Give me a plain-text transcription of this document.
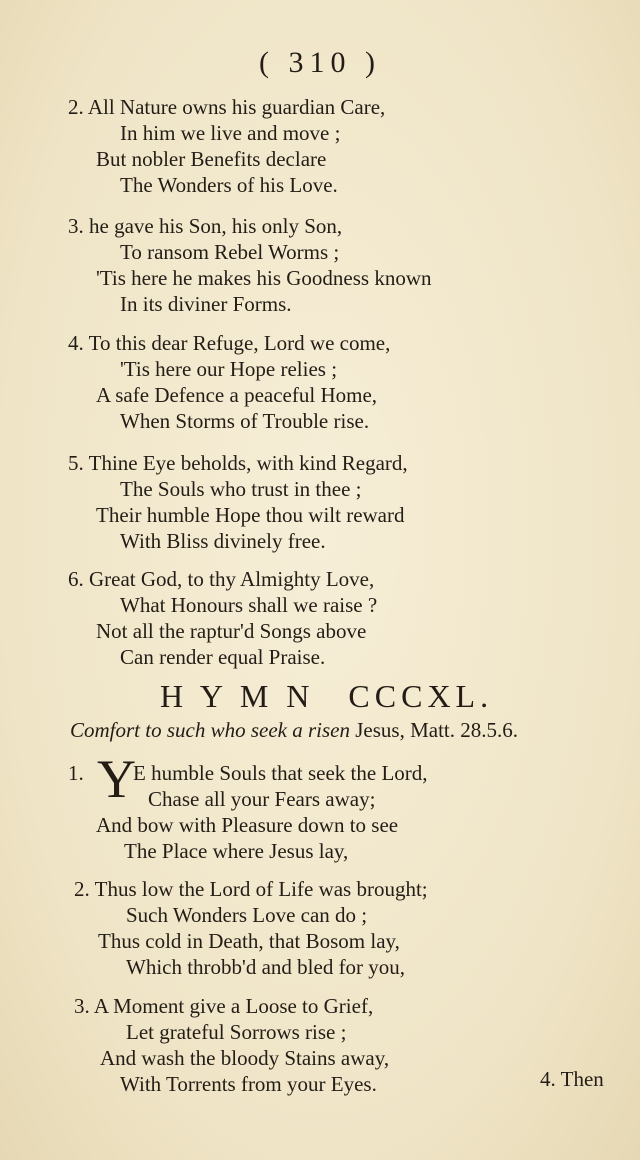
( 310 )
2. All Nature owns his guardian Care,
In him we live and move ;
But nobler Benefits declare
The Wonders of his Love.
3. he gave his Son, his only Son,
To ransom Rebel Worms ;
'Tis here he makes his Goodness known
In its diviner Forms.
4. To this dear Refuge, Lord we come,
'Tis here our Hope relies ;
A safe Defence a peaceful Home,
When Storms of Trouble rise.
5. Thine Eye beholds, with kind Regard,
The Souls who trust in thee ;
Their humble Hope thou wilt reward
With Bliss divinely free.
6. Great God, to thy Almighty Love,
What Honours shall we raise ?
Not all the raptur'd Songs above
Can render equal Praise.
H Y M N CCCXL.
Comfort to such who seek a risen Jesus, Matt. 28.5.6.
1. Y
E humble Souls that seek the Lord,
Chase all your Fears away;
And bow with Pleasure down to see
The Place where Jesus lay,
2. Thus low the Lord of Life was brought;
Such Wonders Love can do ;
Thus cold in Death, that Bosom lay,
Which throbb'd and bled for you,
3. A Moment give a Loose to Grief,
Let grateful Sorrows rise ;
And wash the bloody Stains away,
With Torrents from your Eyes.	4. Then
